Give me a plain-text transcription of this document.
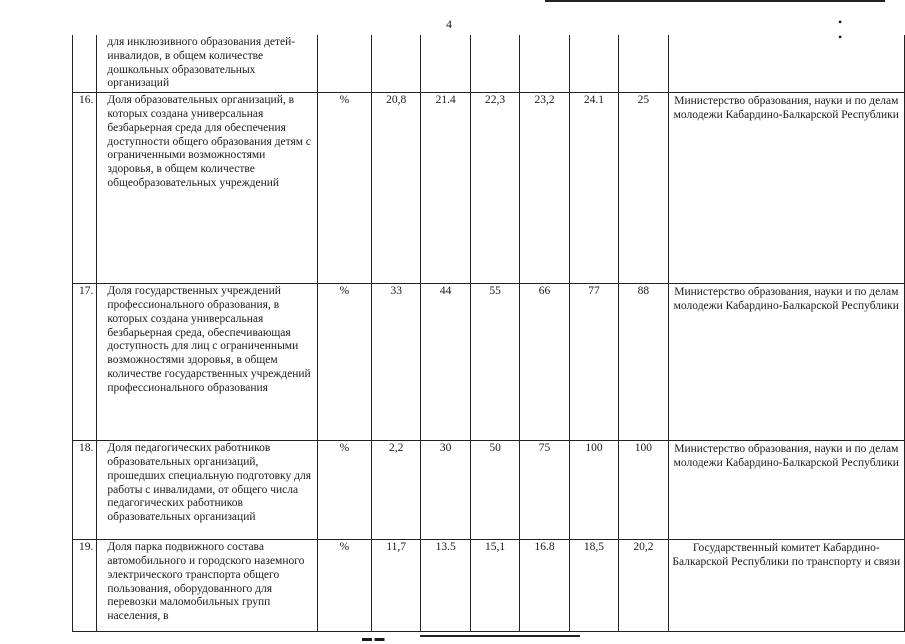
4	• •
	для инклюзивного образования детей-инвалидов, в общем количестве дошкольных образовательных организаций								
16.	Доля образовательных организаций, в которых создана универсальная безбарьерная среда для обеспечения доступности общего образования детям с ограниченными возможностями здоровья, в общем количестве общеобразовательных учреждений	%	20,8	21.4	22,3	23,2	24.1	25	Министерство образования, науки и по делам молодежи Кабардино-Балкарской Республики
17.	Доля государственных учреждений профессионального образования, в которых создана универсальная безбарьерная среда, обеспечивающая доступность для лиц с ограниченными возможностями здоровья, в общем количестве государственных учреждений профессионального образования	%	33	44	55	66	77	88	Министерство образования, науки и по делам молодежи Кабардино-Балкарской Республики
18.	Доля педагогических работников образовательных организаций, прошедших специальную подготовку для работы с инвалидами, от общего числа педагогических работников образовательных организаций	%	2,2	30	50	75	100	100	Министерство образования, науки и по делам молодежи Кабардино-Балкарской Республики
19.	Доля парка подвижного состава автомобильного и городского наземного электрического транспорта общего пользования, оборудованного для перевозки маломобильных групп населения, в	%	11,7	13.5	15,1	16.8	18,5	20,2	Государственный комитет Кабардино-Балкарской Республики по транспорту и связи
▬ ▬
